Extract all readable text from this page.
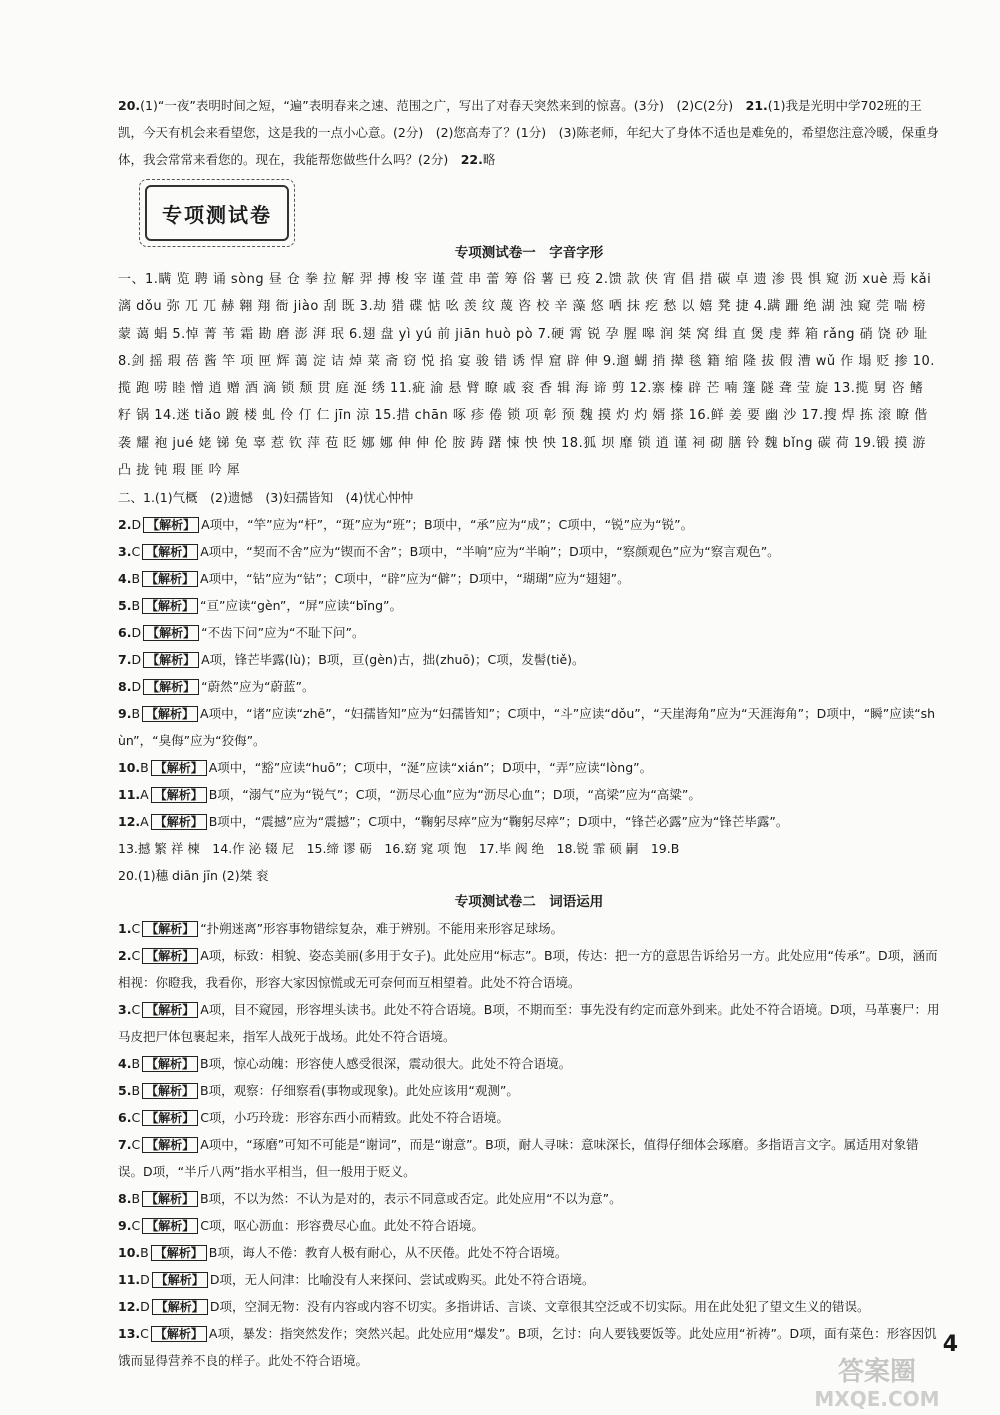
20.(1)“一夜”表明时间之短，“遍”表明春来之速、范围之广，写出了对春天突然来到的惊喜。(3分)　(2)C(2分)　21.(1)我是光明中学702班的王凯，今天有机会来看望您，这是我的一点小心意。(2分)　(2)您高寿了？(1分)　(3)陈老师，年纪大了身体不适也是难免的，希望您注意冷暖，保重身体，我会常常来看您的。现在，我能帮您做些什么吗？(2分)　22.略

专项测试卷

专项测试卷一　字音字形

一、1.瞒 览 聘 诵 sòng 昼 仓 拳 拉 解 羿 搏 梭 宰 谨 萱 串 蕾 筹 俗 薯 已 疫 2.馈 款 侠 宵 倡 措 碳 卓 遗 渗 畏 惧 窥 沥 xuè 焉 kǎi 漓 dǒu 弥 兀 兀 赫 翱 翔 衙 jiào 刮 既 3.劫 猎 碟 惦 吆 羡 纹 蔑 咨 校 辛 藻 悠 哂 抹 疙 愁 以 嬉 凳 捷 4.蹒 跚 绝 湖 浊 窥 莞 喘 榜 蒙 蔼 蜎 5.悼 菁 苇 霜 勘 磨 澎 湃 珉 6.翅 盘 yì yú 前 jiān huò pò 7.硬 霄 锐 孕 腥 嗥 润 桀 窝 缉 直 煲 虔 葬 箱 rǎng 硝 饶 砂 耻 8.剑 摇 瑕 蓓 酱 竿 项 匣 辉 蔼 淀 诘 焯 菜 斋 窃 悦 掐 宴 骏 错 诱 悍 窟 辟 伸 9.遛 蝴 捎 撵 毯 籍 缩 隆 拔 假 漕 wǔ 作 塌 贬 掺 10.揽 跑 唠 睦 憎 逍 赠 酒 滴 锁 颓 贯 庭 涎 绣 11.疵 渝 悬 臂 瞭 戚 衮 香 辑 海 谛 剪 12.寨 榛 辟 芒 喃 篷 隧 聋 莹 旋 13.揽 舅 咨 鳍 籽 锅 14.迷 tiǎo 踱 楼 虬 伶 仃 仁 jīn 涼 15.措 chān 啄 疹 倦 锁 项 彰 预 魏 摸 灼 灼 婿 搽 16.鲜 姜 要 幽 沙 17.搜 焊 拣 滚 瞭 偕 袭 耀 袍 jué 姥 锑 兔 辜 惹 钦 萍 苞 眨 娜 娜 伸 伸 伦 胺 踌 躇 悚 怏 怏 18.狐 坝 靡 锁 逍 谨 祠 砌 膳 铃 魏 bǐng 碳 荷 19.锻 摸 游 凸 拢 钝 瑕 匪 吟 犀

二、1.(1)气概　(2)遗憾　(3)妇孺皆知　(4)忧心忡忡

2.D 【解析】 A项中，“竿”应为“杆”，“斑”应为“班”；B项中，“承”应为“成”；C项中，“锐”应为“锐”。

3.C 【解析】 A项中，“契而不舍”应为“锲而不舍”；B项中，“半响”应为“半晌”；D项中，“察颜观色”应为“察言观色”。

4.B 【解析】 A项中，“钻”应为“钻”；C项中，“辟”应为“僻”；D项中，“瑚瑚”应为“翅翅”。

5.B 【解析】 “亘”应读“gèn”，“屏”应读“bǐng”。

6.D 【解析】 “不齿下问”应为“不耻下问”。

7.D 【解析】 A项，锋芒毕露(lù)；B项，亘(gèn)古，拙(zhuō)；C项，发髻(tiě)。

8.D 【解析】 “蔚然”应为“蔚蓝”。

9.B 【解析】 A项中，“诸”应读“zhē”，“妇孺皆知”应为“妇孺皆知”；C项中，“斗”应读“dǒu”，“天崖海角”应为“天涯海角”；D项中，“瞬”应读“shùn”，“臭侮”应为“狡侮”。

10.B 【解析】 A项中，“豁”应读“huō”；C项中，“涎”应读“xián”；D项中，“弄”应读“lòng”。

11.A 【解析】 B项，“溺气”应为“锐气”；C项，“沥尽心血”应为“沥尽心血”；D项，“高梁”应为“高粱”。

12.A 【解析】 B项中，“震撼”应为“震撼”；C项中，“鞠躬尽瘁”应为“鞠躬尽瘁”；D项中，“锋芒必露”应为“锋芒毕露”。

13.撼 繁 祥 楝　14.作 泌 辍 尼　15.缔 谬 砺　16.窈 窕 项 饱　17.毕 阀 绝　18.锐 霏 硕 嗣　19.B

20.(1)穗 diān jīn (2)桀 衮

专项测试卷二　词语运用

1.C 【解析】 “扑朔迷离”形容事物错综复杂，难于辨别。不能用来形容足球场。

2.C 【解析】 A项，标致：相貌、姿态美丽(多用于女子)。此处应用“标志”。B项，传达：把一方的意思告诉给另一方。此处应用“传承”。D项，涵而相视：你瞪我，我看你，形容大家因惊慌或无可奈何而互相望着。此处不符合语境。

3.C 【解析】 A项，目不窥园，形容埋头读书。此处不符合语境。B项，不期而至：事先没有约定而意外到来。此处不符合语境。D项，马革裹尸：用马皮把尸体包裹起来，指军人战死于战场。此处不符合语境。

4.B 【解析】 B项，惊心动魄：形容使人感受很深，震动很大。此处不符合语境。

5.B 【解析】 B项，观察：仔细察看(事物或现象)。此处应该用“观测”。

6.C 【解析】 C项，小巧玲珑：形容东西小而精致。此处不符合语境。

7.C 【解析】 A项中，“琢磨”可知不可能是“谢词”，而是“谢意”。B项，耐人寻味：意味深长，值得仔细体会琢磨。多指语言文字。属适用对象错误。D项，“半斤八两”指水平相当，但一般用于贬义。

8.B 【解析】 B项，不以为然：不认为是对的，表示不同意或否定。此处应用“不以为意”。

9.C 【解析】 C项，呕心沥血：形容费尽心血。此处不符合语境。

10.B 【解析】 B项，诲人不倦：教育人极有耐心，从不厌倦。此处不符合语境。

11.D 【解析】 D项，无人问津：比喻没有人来探问、尝试或购买。此处不符合语境。

12.D 【解析】 D项，空洞无物：没有内容或内容不切实。多指讲话、言谈、文章很其空泛或不切实际。用在此处犯了望文生义的错误。

13.C 【解析】 A项，暴发：指突然发作；突然兴起。此处应用“爆发”。B项，乞讨：向人要钱要饭等。此处应用“祈祷”。D项，面有菜色：形容因饥饿而显得营养不良的样子。此处不符合语境。

4
答案圈
MXQE.COM
